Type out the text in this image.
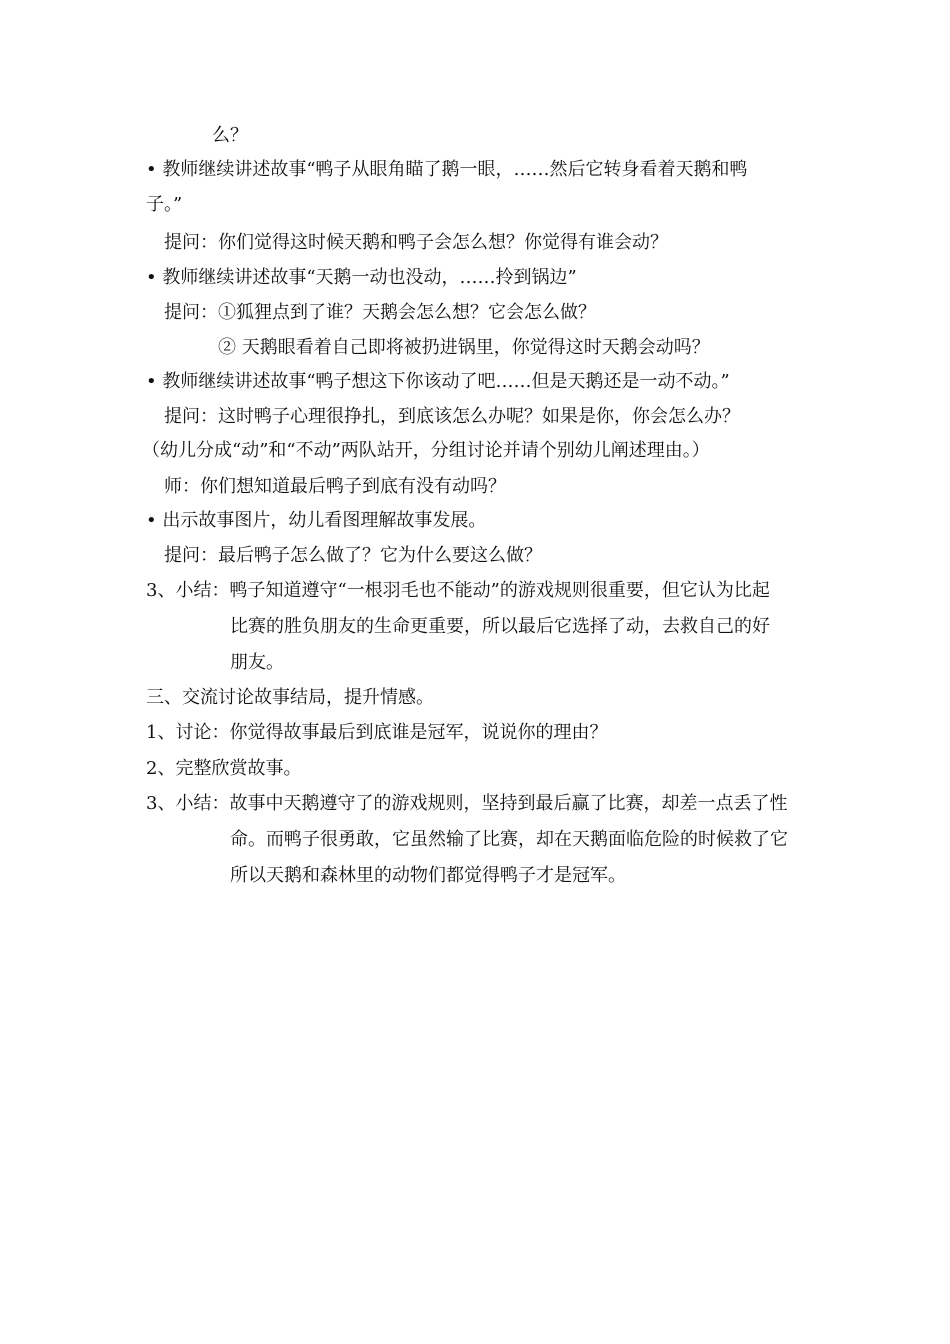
么？
• 教师继续讲述故事“鸭子从眼角瞄了鹅一眼，……然后它转身看着天鹅和鸭
子。”
提问：你们觉得这时候天鹅和鸭子会怎么想？你觉得有谁会动？
• 教师继续讲述故事“天鹅一动也没动，……拎到锅边”
提问：①狐狸点到了谁？天鹅会怎么想？它会怎么做？
② 天鹅眼看着自己即将被扔进锅里，你觉得这时天鹅会动吗？
• 教师继续讲述故事“鸭子想这下你该动了吧……但是天鹅还是一动不动。”
提问：这时鸭子心理很挣扎，到底该怎么办呢？如果是你，你会怎么办？
（幼儿分成“动”和“不动”两队站开，分组讨论并请个别幼儿阐述理由。）
师：你们想知道最后鸭子到底有没有动吗？
• 出示故事图片，幼儿看图理解故事发展。
提问：最后鸭子怎么做了？它为什么要这么做？
3、小结：鸭子知道遵守“一根羽毛也不能动”的游戏规则很重要，但它认为比起
比赛的胜负朋友的生命更重要，所以最后它选择了动，去救自己的好
朋友。
三、交流讨论故事结局，提升情感。
1、讨论：你觉得故事最后到底谁是冠军，说说你的理由？
2、完整欣赏故事。
3、小结：故事中天鹅遵守了的游戏规则，坚持到最后赢了比赛，却差一点丢了性
命。而鸭子很勇敢，它虽然输了比赛，却在天鹅面临危险的时候救了它
所以天鹅和森林里的动物们都觉得鸭子才是冠军。
